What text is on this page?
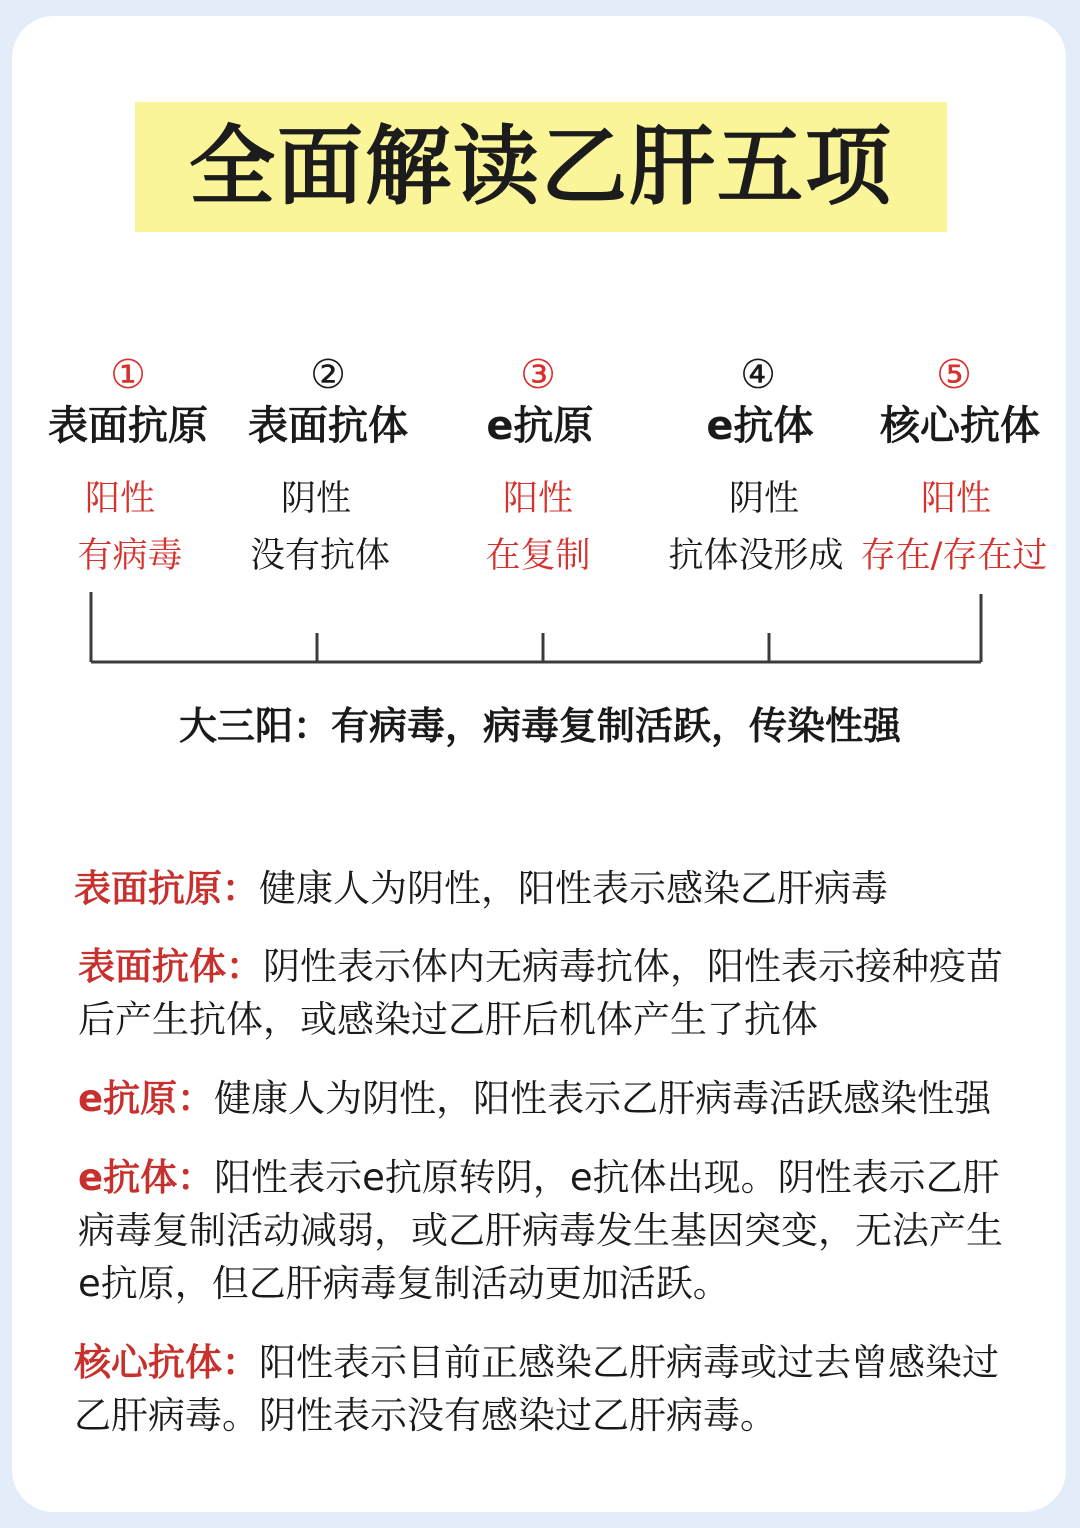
全面解读乙肝五项
①
表面抗原
阳性
有病毒
②
表面抗体
阴性
没有抗体
③
e抗原
阳性
在复制
④
e抗体
阴性
抗体没形成
⑤
核心抗体
阳性
存在/存在过
大三阳：有病毒，病毒复制活跃，传染性强
表面抗原：健康人为阴性，阳性表示感染乙肝病毒
表面抗体：阴性表示体内无病毒抗体，阳性表示接种疫苗后产生抗体，或感染过乙肝后机体产生了抗体
e抗原：健康人为阴性，阳性表示乙肝病毒活跃感染性强
e抗体：阳性表示e抗原转阴，e抗体出现。阴性表示乙肝病毒复制活动减弱，或乙肝病毒发生基因突变，无法产生e抗原，但乙肝病毒复制活动更加活跃。
核心抗体：阳性表示目前正感染乙肝病毒或过去曾感染过乙肝病毒。阴性表示没有感染过乙肝病毒。
